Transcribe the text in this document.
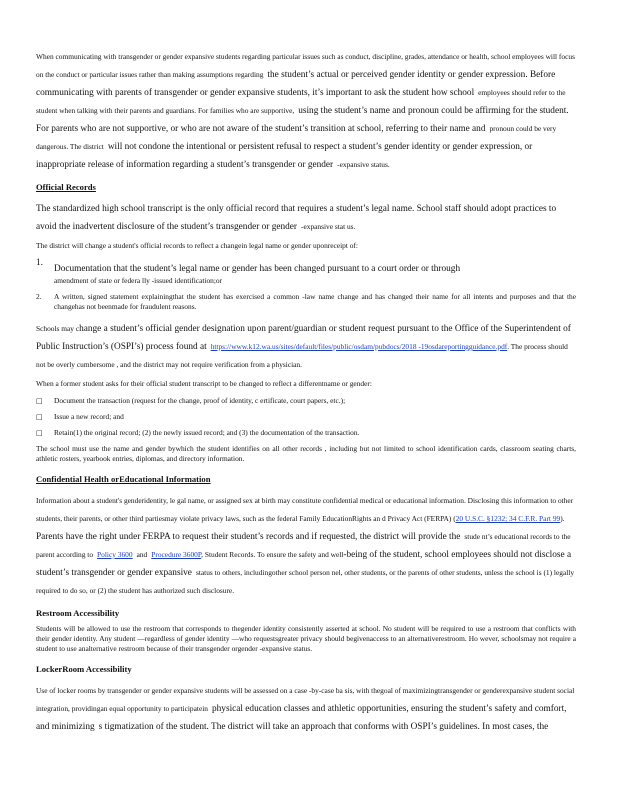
When communicating with transgender or gender expansive students regarding particular issues such as conduct, discipline, grades, attendance or health, school employees will focus on the conduct or particular issues rather than making assumptions regarding the student’s actual or perceived gender identity or gender expression. Before communicating with parents of transgender or gender expansive students, it’s important to ask the student how school employees should refer to the student when talking with their parents and guardians. For families who are supportive, using the student’s name and pronoun could be affirming for the student. For parents who are not supportive, or who are not aware of the student’s transition at school, referring to their name and pronoun could be very dangerous. The district will not condone the intentional or persistent refusal to respect a student’s gender identity or gender expression, or inappropriate release of information regarding a student’s transgender or gender -expansive status.
Official Records
The standardized high school transcript is the only official record that requires a student’s legal name. School staff should adopt practices to avoid the inadvertent disclosure of the student’s transgender or gender -expansive stat us.
The district will change a student's official records to reflect a changein legal name or gender uponreceipt of:
1.
Documentation that the student’s legal name or gender has been changed pursuant to a court order or through
amendment of state or federa lly -issued identification;or
2.	A written, signed statement explainingthat the student has exercised a common -law name change and has changed their name for all intents and purposes and that the changehas not beenmade for fraudulent reasons.
Schools may change a student’s official gender designation upon parent/guardian or student request pursuant to the Office of the Superintendent of Public Instruction’s (OSPI’s) process found at https://www.k12.wa.us/sites/default/files/public/osdam/pubdocs/2018 -19osdareportingguidance.pdf. The process should not be overly cumbersome , and the district may not require verification from a physician.
When a former student asks for their official student transcript to be changed to reflect a differentname or gender:
□ Document the transaction (request for the change, proof of identity, c ertificate, court papers, etc.);
□ Issue a new record; and
□ Retain(1) the original record; (2) the newly issued record; and (3) the documentation of the transaction.
The school must use the name and gender bywhich the student identifies on all other records , including but not limited to school identification cards, classroom seating charts, athletic rosters, yearbook entries, diplomas, and directory information.
Confidential Health orEducational Information
Information about a student's genderidentity, le gal name, or assigned sex at birth may constitute confidential medical or educational information. Disclosing this information to other students, their parents, or other third partiesmay violate privacy laws, such as the federal Family EducationRights an d Privacy Act (FERPA) (20 U.S.C. §1232; 34 C.F.R. Part 99). Parents have the right under FERPA to request their student’s records and if requested, the district will provide the stude nt’s educational records to the parent according to Policy 3600 and Procedure 3600P, Student Records. To ensure the safety and well-being of the student, school employees should not disclose a student’s transgender or gender expansive status to others, includingother school person nel, other students, or the parents of other students, unless the school is (1) legally required to do so, or (2) the student has authorized such disclosure.
Restroom Accessibility
Students will be allowed to use the restroom that corresponds to thegender identity consistently asserted at school. No student will be required to use a restroom that conflicts with their gender identity. Any student —regardless of gender identity —who requestsgreater privacy should begivenaccess to an alternativerestroom. Ho wever, schoolsmay not require a student to use analternative restroom because of their transgender orgender -expansive status.
LockerRoom Accessibility
Use of locker rooms by transgender or gender expansive students will be assessed on a case -by-case ba sis, with thegoal of maximizingtransgender or genderexpansive student social integration, providingan equal opportunity to participatein physical education classes and athletic opportunities, ensuring the student’s safety and comfort, and minimizing s tigmatization of the student. The district will take an approach that conforms with OSPI’s guidelines. In most cases, the
